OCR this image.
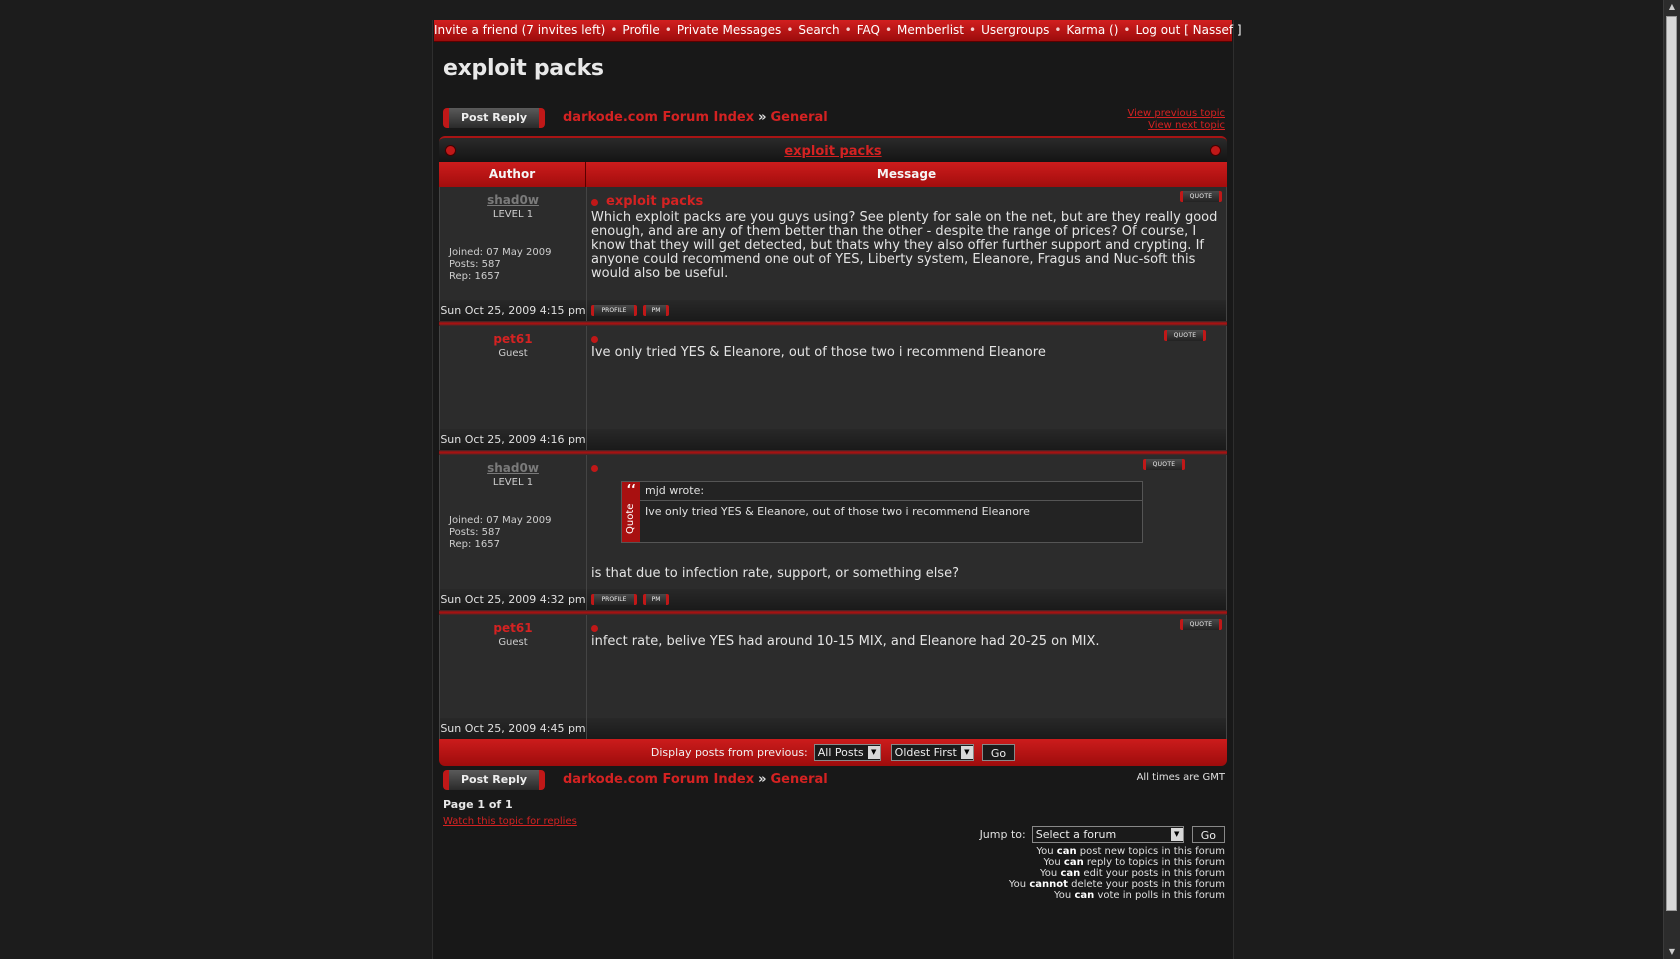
Invite a friend (7 invites left) • Profile • Private Messages • Search • FAQ • Memberlist • Usergroups • Karma () • Log out [ Nassef ]
exploit packs
Post Reply	darkode.com Forum Index » General	View previous topic
View next topic
exploit packs
Author	Message
shad0w
LEVEL 1
Joined: 07 May 2009
Posts: 587
Rep: 1657
exploit packs	QUOTE
Which exploit packs are you guys using? See plenty for sale on the net, but are they really good enough, and are any of them better than the other - despite the range of prices? Of course, I know that they will get detected, but thats why they also offer further support and crypting. If anyone could recommend one out of YES, Liberty system, Eleanore, Fragus and Nuc-soft this would also be useful.
Sun Oct 25, 2009 4:15 pm	PROFILE	PM
pet61
Guest
QUOTE
Ive only tried YES & Eleanore, out of those two i recommend Eleanore
Sun Oct 25, 2009 4:16 pm
shad0w
LEVEL 1
Joined: 07 May 2009
Posts: 587
Rep: 1657
QUOTE
‘‘
Quote
mjd wrote:
Ive only tried YES & Eleanore, out of those two i recommend Eleanore
is that due to infection rate, support, or something else?
Sun Oct 25, 2009 4:32 pm	PROFILE	PM
pet61
Guest
QUOTE
infect rate, belive YES had around 10-15 MIX, and Eleanore had 20-25 on MIX.
Sun Oct 25, 2009 4:45 pm
Display posts from previous: All Posts	▼	Oldest First	▼	Go
Post Reply	darkode.com Forum Index » General	All times are GMT
Page 1 of 1
Watch this topic for replies
Jump to: Select a forum	▼	Go
You can post new topics in this forum
You can reply to topics in this forum
You can edit your posts in this forum
You cannot delete your posts in this forum
You can vote in polls in this forum
▲
▼
